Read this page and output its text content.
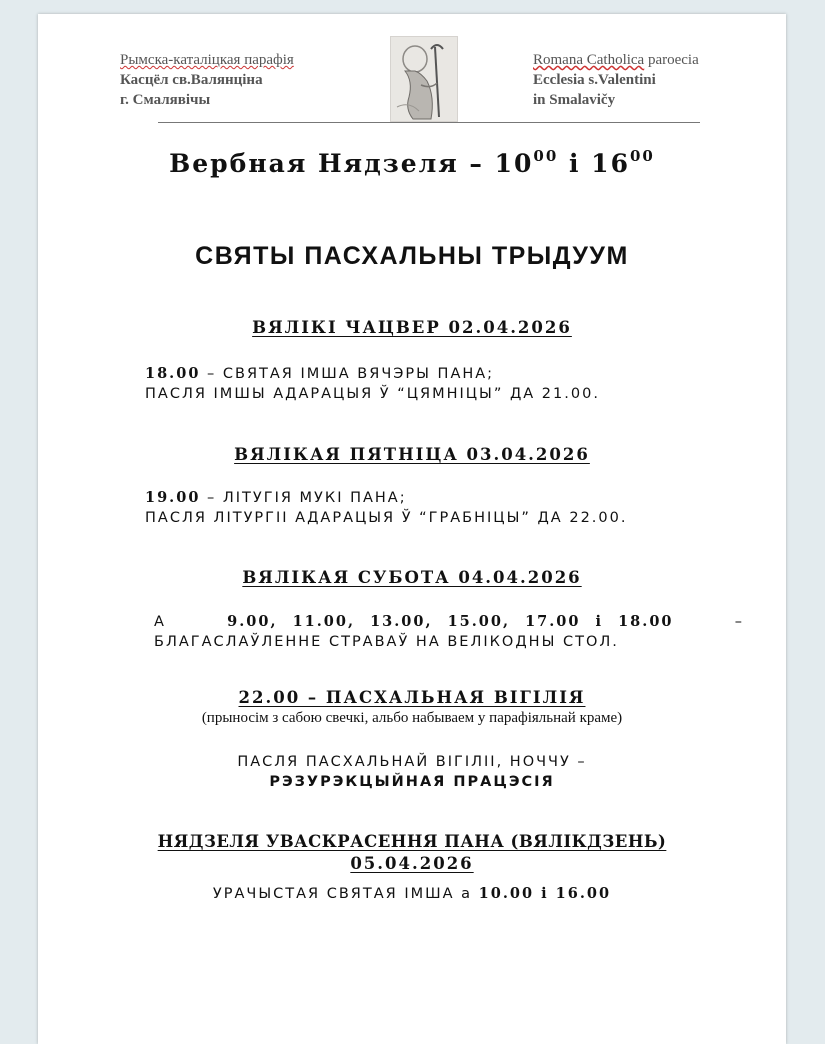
Рымска-каталіцкая парафія
Касцёл св.Валянціна
г. Смалявічы
Romana Catholica paroecia
Ecclesia s.Valentini
in Smalavičy
Вербная Нядзеля – $10^{00}$ і $16^{00}$
СВЯТЫ ПАСХАЛЬНЫ ТРЫДУУМ
ВЯЛІКІ ЧАЦВЕР 02.04.2026
18.00 – СВЯТАЯ ІМША ВЯЧЭРЫ ПАНА;
ПАСЛЯ ІМШЫ АДАРАЦЫЯ Ў “ЦЯМНІЦЫ” ДА 21.00.
ВЯЛІКАЯ ПЯТНІЦА 03.04.2026
19.00 – ЛІТУГІЯ МУКІ ПАНА;
ПАСЛЯ ЛІТУРГІІ АДАРАЦЫЯ Ў “ГРАБНІЦЫ” ДА 22.00.
ВЯЛІКАЯ СУБОТА 04.04.2026
А	9.00, 11.00, 13.00, 15.00, 17.00 і 18.00	–
БЛАГАСЛАЎЛЕННЕ СТРАВАЎ НА ВЕЛІКОДНЫ СТОЛ.
22.00 – ПАСХАЛЬНАЯ ВІГІЛІЯ
(прыносім з сабою свечкі, альбо набываем у парафіяльнай краме)
ПАСЛЯ ПАСХАЛЬНАЙ ВІГІЛІІ, НОЧЧУ –
РЭЗУРЭКЦЫЙНАЯ ПРАЦЭСІЯ
НЯДЗЕЛЯ УВАСКРАСЕННЯ ПАНА (ВЯЛІКДЗЕНЬ)
05.04.2026
УРАЧЫСТАЯ СВЯТАЯ ІМША а 10.00 і 16.00
